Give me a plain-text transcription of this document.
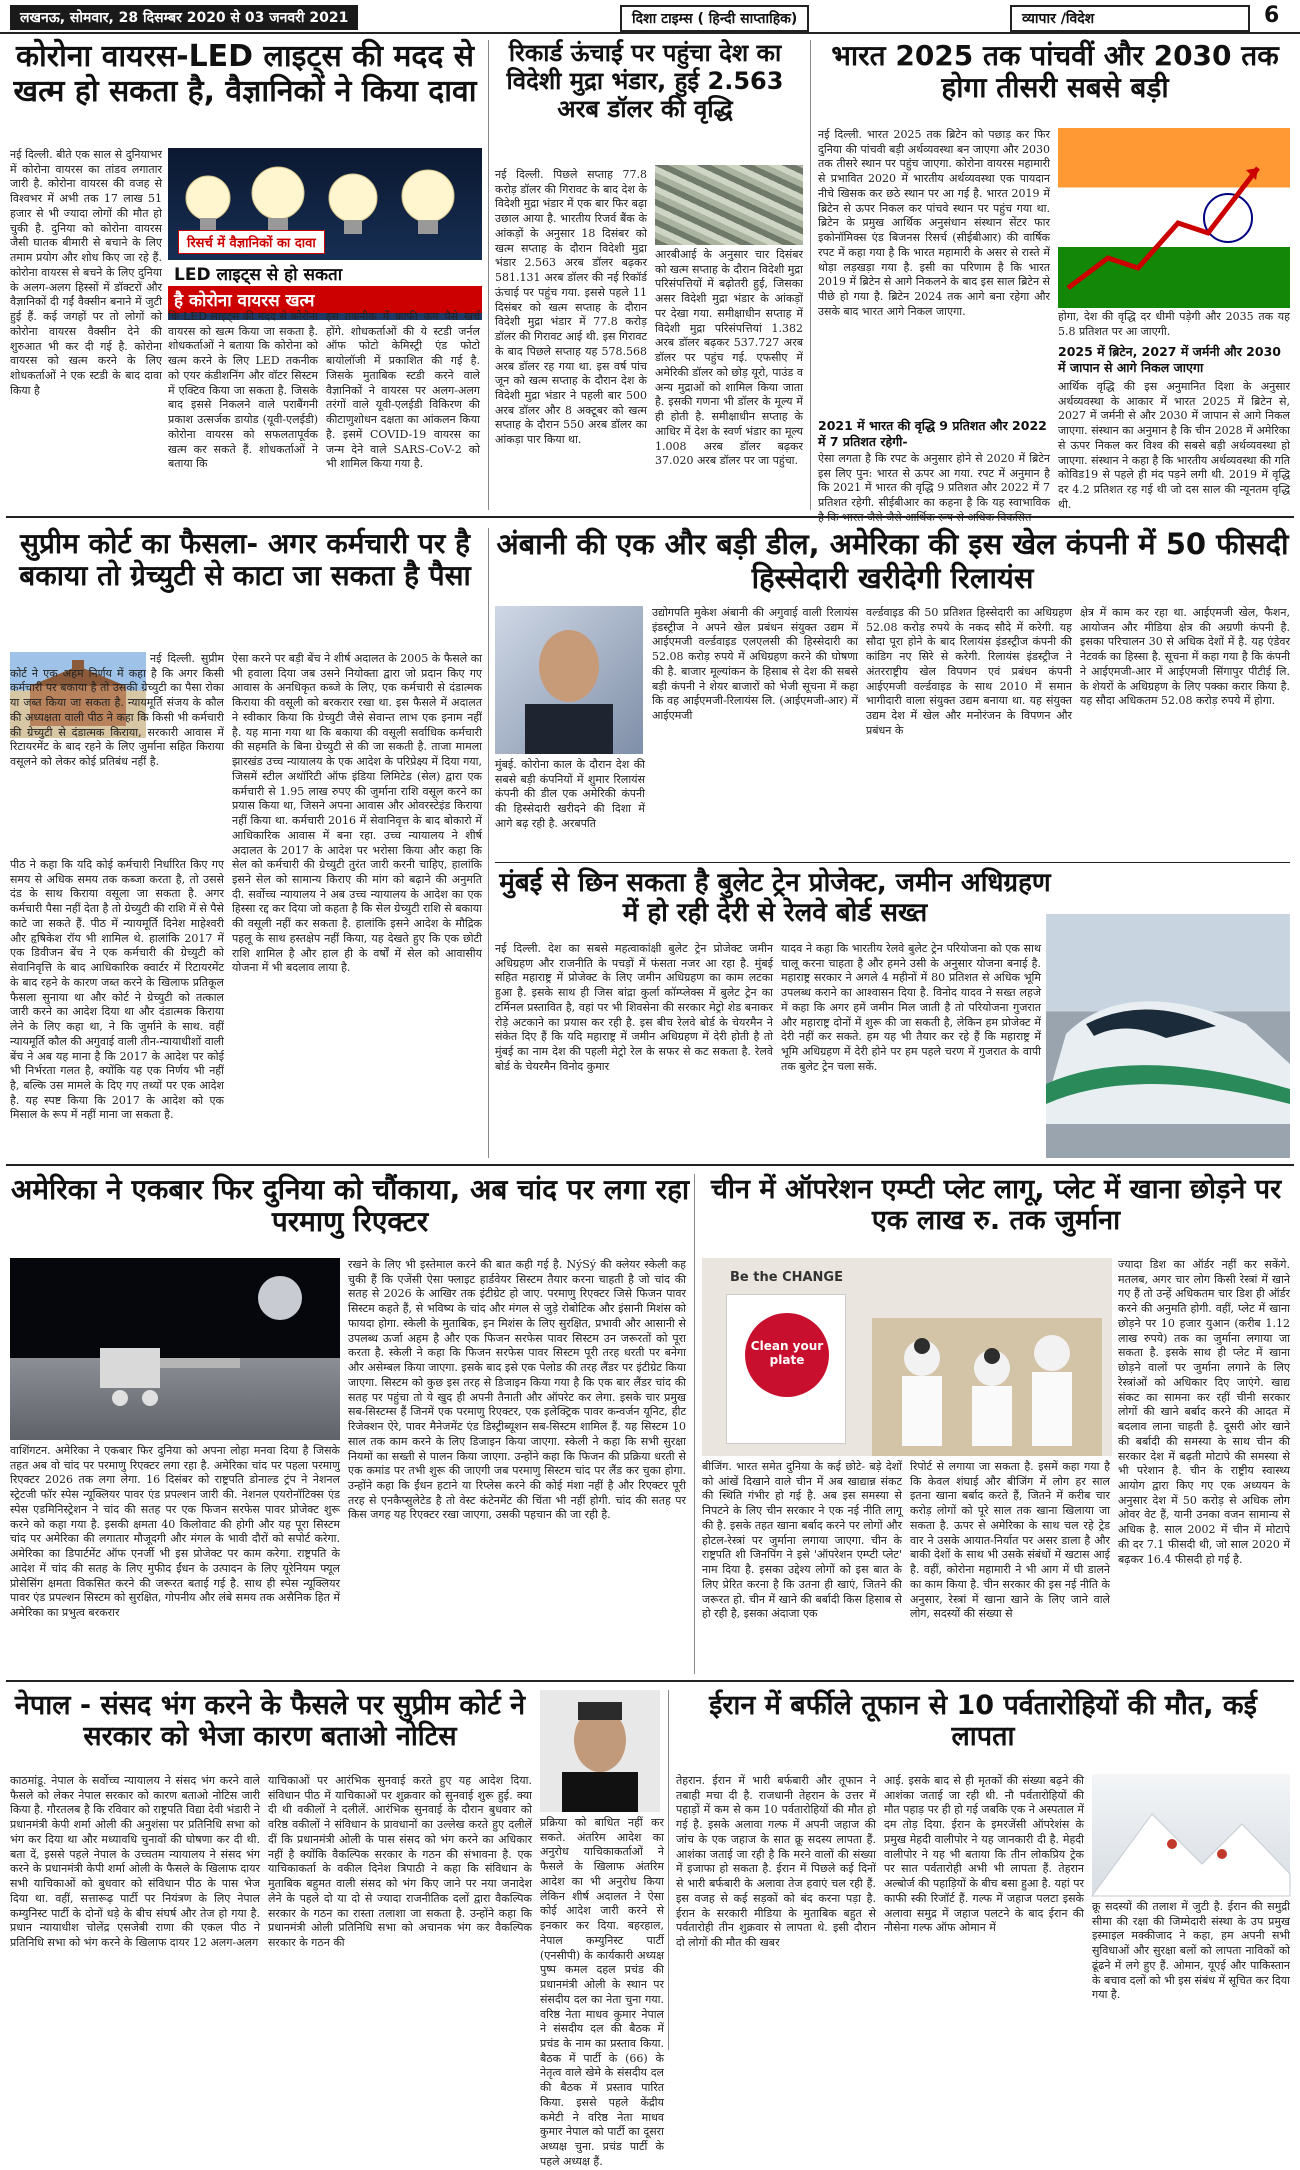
लखनऊ, सोमवार, 28 दिसम्बर 2020 से 03 जनवरी 2021	दिशा टाइम्स ( हिन्दी साप्ताहिक)	व्यापार /विदेश	6
कोरोना वायरस-LED लाइट्स की मदद से खत्म हो सकता है, वैज्ञानिकों ने किया दावा
रिसर्च में वैज्ञानिकों का दावा
LED लाइट्स से हो सकता
है कोरोना वायरस खत्म
नई दिल्ली. बीते एक साल से दुनियाभर में कोरोना वायरस का तांडव लगातार जारी है. कोरोना वायरस की वजह से विश्वभर में अभी तक 17 लाख 51 हजार से भी ज्यादा लोगों की मौत हो चुकी है. दुनिया को कोरोना वायरस जैसी घातक बीमारी से बचाने के लिए तमाम प्रयोग और शोध किए जा रहे हैं. कोरोना वायरस से बचने के लिए दुनिया के अलग-अलग हिस्सों में डॉक्टरों और वैज्ञानिकों दी गईं वैक्सीन बनाने में जुटी हुई हैं. कई जगहों पर तो लोगों को कोरोना वायरस वैक्सीन देने की शुरुआत भी कर दी गई है. कोरोना वायरस को खत्म करने के लिए शोधकर्ताओं ने एक स्टडी के बाद दावा किया है
कि LED लाइट्स की मदद से कोरोना वायरस को खत्म किया जा सकता है. शोधकर्ताओं ने बताया कि कोरोना को खत्म करने के लिए LED तकनीक को एयर कंडीशनिंग और वॉटर सिस्टम में एक्टिव किया जा सकता है. जिसके बाद इससे निकलने वाले पराबैंगनी प्रकाश उत्सर्जक डायोड (यूवी-एलईडी) कोरोना वायरस को सफलतापूर्वक खत्म कर सकते हैं. शोधकर्ताओं ने बताया कि
इस तकनीक में काफी कम पैसे खर्च होंगे. शोधकर्ताओं की ये स्टडी जर्नल ऑफ फोटो केमिस्ट्री एंड फोटो बायोलॉजी में प्रकाशित की गई है. जिसके मुताबिक स्टडी करने वाले वैज्ञानिकों ने वायरस पर अलग-अलग तरंगों वाले यूवी-एलईडी विकिरण की कीटाणुशोधन दक्षता का आंकलन किया है. इसमें COVID-19 वायरस का जन्म देने वाले SARS-CoV-2 को भी शामिल किया गया है.
रिकार्ड ऊंचाई पर पहुंचा देश का विदेशी मुद्रा भंडार, हुई 2.563 अरब डॉलर की वृद्धि
नई दिल्ली. पिछले सप्ताह 77.8 करोड़ डॉलर की गिरावट के बाद देश के विदेशी मुद्रा भंडार में एक बार फिर बढ़ा उछाल आया है. भारतीय रिजर्व बैंक के आंकड़ों के अनुसार 18 दिसंबर को खत्म सप्ताह के दौरान विदेशी मुद्रा भंडार 2.563 अरब डॉलर बढ़कर 581.131 अरब डॉलर की नई रिकॉर्ड ऊंचाई पर पहुंच गया. इससे पहले 11 दिसंबर को खत्म सप्ताह के दौरान विदेशी मुद्रा भंडार में 77.8 करोड़ डॉलर की गिरावट आई थी. इस गिरावट के बाद पिछले सप्ताह यह 578.568 अरब डॉलर रह गया था. इस वर्ष पांच जून को खत्म सप्ताह के दौरान देश के विदेशी मुद्रा भंडार ने पहली बार 500 अरब डॉलर और 8 अक्टूबर को खत्म सप्ताह के दौरान 550 अरब डॉलर का आंकड़ा पार किया था.
आरबीआई के अनुसार चार दिसंबर को खत्म सप्ताह के दौरान विदेशी मुद्रा परिसंपत्तियों में बढ़ोतरी हुई, जिसका असर विदेशी मुद्रा भंडार के आंकड़ों पर देखा गया. समीक्षाधीन सप्ताह में विदेशी मुद्रा परिसंपत्तियां 1.382 अरब डॉलर बढ़कर 537.727 अरब डॉलर पर पहुंच गई. एफसीए में अमेरिकी डॉलर को छोड़ यूरो, पाउंड व अन्य मुद्राओं को शामिल किया जाता है. इसकी गणना भी डॉलर के मूल्य में ही होती है. समीक्षाधीन सप्ताह के आधिर में देश के स्वर्ण भंडार का मूल्य 1.008 अरब डॉलर बढ़कर 37.020 अरब डॉलर पर जा पहुंचा.
भारत 2025 तक पांचवीं और 2030 तक होगा तीसरी सबसे बड़ी
नई दिल्ली. भारत 2025 तक ब्रिटेन को पछाड़ कर फिर दुनिया की पांचवी बड़ी अर्थव्यवस्था बन जाएगा और 2030 तक तीसरे स्थान पर पहुंच जाएगा. कोरोना वायरस महामारी से प्रभावित 2020 में भारतीय अर्थव्यवस्था एक पायदान नीचे खिसक कर छठे स्थान पर आ गई है. भारत 2019 में ब्रिटेन से ऊपर निकल कर पांचवे स्थान पर पहुंच गया था. ब्रिटेन के प्रमुख आर्थिक अनुसंधान संस्थान सेंटर फार इकोनॉमिक्स एंड बिजनस रिसर्च (सीईबीआर) की वार्षिक रपट में कहा गया है कि भारत महामारी के असर से रास्ते में थोड़ा लड़खड़ा गया है. इसी का परिणाम है कि भारत 2019 में ब्रिटेन से आगे निकलने के बाद इस साल ब्रिटेन से पीछे हो गया है. ब्रिटेन 2024 तक आगे बना रहेगा और उसके बाद भारत आगे निकल जाएगा.
2021 में भारत की वृद्धि 9 प्रतिशत और 2022 में 7 प्रतिशत रहेगी-
ऐसा लगता है कि रपट के अनुसार होने से 2020 में ब्रिटेन इस लिए पुन: भारत से ऊपर आ गया. रपट में अनुमान है कि 2021 में भारत की वृद्धि 9 प्रतिशत और 2022 में 7 प्रतिशत रहेगी. सीईबीआर का कहना है कि यह स्वाभाविक
होगा, देश की वृद्धि दर धीमी पड़ेगी और 2035 तक यह 5.8 प्रतिशत पर आ जाएगी.
2025 में ब्रिटेन, 2027 में जर्मनी और 2030 में जापान से आगे निकल जाएगा
आर्थिक वृद्धि की इस अनुमानित दिशा के अनुसार अर्थव्यवस्था के आकार में भारत 2025 में ब्रिटेन से, 2027 में जर्मनी से और 2030 में जापान से आगे निकल जाएगा. संस्थान का अनुमान है कि चीन 2028 में अमेरिका से ऊपर निकल कर विश्व की सबसे बड़ी अर्थव्यवस्था हो जाएगा. संस्थान ने कहा है कि भारतीय अर्थव्यवस्था की गति कोविड19 से पहले ही मंद पड़ने लगी थी. 2019 में वृद्धि दर 4.2 प्रतिशत रह गई थी जो दस साल की न्यूनतम वृद्धि थी.
सुप्रीम कोर्ट का फैसला- अगर कर्मचारी पर है बकाया तो ग्रेच्युटी से काटा जा सकता है पैसा
नई दिल्ली. सुप्रीम कोर्ट ने एक अहम निर्णय में कहा है कि अगर किसी कर्मचारी पर बकाया है तो उसकी ग्रेच्युटी का पैसा रोका या जब्त किया जा सकता है. न्यायमूर्ति संजय के कौल की अध्यक्षता वाली पीठ ने कहा कि किसी भी कर्मचारी की ग्रेच्युटी से दंडात्मक किराया, सरकारी आवास में रिटायरमेंट के बाद रहने के लिए जुर्माना सहित किराया वसूलने को लेकर कोई प्रतिबंध नहीं है.
पीठ ने कहा कि यदि कोई कर्मचारी निर्धारित किए गए समय से अधिक समय तक कब्जा करता है, तो उससे दंड के साथ किराया वसूला जा सकता है. अगर कर्मचारी पैसा नहीं देता है तो ग्रेच्युटी की राशि में से पैसे काटे जा सकते हैं. पीठ में न्यायमूर्ति दिनेश माहेश्वरी और हृषिकेश रॉय भी शामिल थे. हालांकि 2017 में एक डिवीजन बेंच ने एक कर्मचारी की ग्रेच्युटी को सेवानिवृत्ति के बाद आधिकारिक क्वार्टर में रिटायरमेंट के बाद रहने के कारण जब्त करने के खिलाफ प्रतिकूल फैसला सुनाया था और कोर्ट ने ग्रेच्युटी को तत्काल जारी करने का आदेश दिया था और दंडात्मक किराया लेने के लिए कहा था, ने कि जुर्माने के साथ. वहीं न्यायमूर्ति कौल की अगुवाई वाली तीन-न्यायाधीशों वाली बेंच ने अब यह माना है कि 2017 के आदेश पर कोई भी निर्भरता गलत है, क्योंकि यह एक निर्णय भी नहीं है, बल्कि उस मामले के दिए गए तथ्यों पर एक आदेश है. यह स्पष्ट किया कि 2017 के आदेश को एक मिसाल के रूप में नहीं माना जा सकता है.
ऐसा करने पर बड़ी बेंच ने शीर्ष अदालत के 2005 के फैसले का भी हवाला दिया जब उसने नियोक्ता द्वारा जो प्रदान किए गए आवास के अनधिकृत कब्जे के लिए, एक कर्मचारी से दंडात्मक किराया की वसूली को बरकरार रखा था. इस फैसले में अदालत ने स्वीकार किया कि ग्रेच्युटी जैसे सेवान्त लाभ एक इनाम नहीं है. यह माना गया था कि बकाया की वसूली सर्वाधिक कर्मचारी की सहमति के बिना ग्रेच्युटी से की जा सकती है. ताजा मामला झारखंड उच्च न्यायालय के एक आदेश के परिप्रेक्ष्य में दिया गया, जिसमें स्टील अथॉरिटी ऑफ इंडिया लिमिटेड (सेल) द्वारा एक कर्मचारी से 1.95 लाख रुपए की जुर्माना राशि वसूल करने का प्रयास किया था, जिसने अपना आवास और ओवरस्टेइंड किराया नहीं किया था. कर्मचारी 2016 में सेवानिवृत्त के बाद बोकारो में आधिकारिक आवास में बना रहा. उच्च न्यायालय ने शीर्ष अदालत के 2017 के आदेश पर भरोसा किया और कहा कि सेल को कर्मचारी की ग्रेच्युटी तुरंत जारी करनी चाहिए, हालांकि इसने सेल को सामान्य किराए की मांग को बढ़ाने की अनुमति दी. सर्वोच्च न्यायालय ने अब उच्च न्यायालय के आदेश का एक हिस्सा रद्द कर दिया जो कहता है कि सेल ग्रेच्युटी राशि से बकाया की वसूली नहीं कर सकता है. हालांकि इसने आदेश के मौद्रिक पहलू के साथ हस्तक्षेप नहीं किया, यह देखते हुए कि एक छोटी राशि शामिल है और हाल ही के वर्षों में सेल को आवासीय योजना में भी बदलाव लाया है.
अंबानी की एक और बड़ी डील, अमेरिका की इस खेल कंपनी में 50 फीसदी हिस्सेदारी खरीदेगी रिलायंस
मुंबई. कोरोना काल के दौरान देश की सबसे बड़ी कंपनियों में शुमार रिलायंस कंपनी की डील एक अमेरिकी कंपनी की हिस्सेदारी खरीदने की दिशा में आगे बढ़ रही है. अरबपति
उद्योगपति मुकेश अंबानी की अगुवाई वाली रिलायंस इंडस्ट्रीज ने अपने खेल प्रबंधन संयुक्त उद्यम में आईएमजी वर्ल्डवाइड एलएलसी की हिस्सेदारी का 52.08 करोड़ रुपये में अधिग्रहण करने की घोषणा की है. बाजार मूल्यांकन के हिसाब से देश की सबसे बड़ी कंपनी ने शेयर बाजारों को भेजी सूचना में कहा कि वह आईएमजी-रिलायंस लि. (आईएमजी-आर) में आईएमजी
वर्ल्डवाइड की 50 प्रतिशत हिस्सेदारी का अधिग्रहण 52.08 करोड़ रुपये के नकद सौदे में करेगी. यह सौदा पूरा होने के बाद रिलायंस इंडस्ट्रीज कंपनी की कांडिग नए सिरे से करेगी. रिलायंस इंडस्ट्रीज ने अंतरराष्ट्रीय खेल विपणन एवं प्रबंधन कंपनी आईएमजी वर्ल्डवाइड के साथ 2010 में समान भागीदारी वाला संयुक्त उद्यम बनाया था. यह संयुक्त उद्यम देश में खेल और मनोरंजन के विपणन और प्रबंधन के
क्षेत्र में काम कर रहा था. आईएमजी खेल, फैशन, आयोजन और मीडिया क्षेत्र की अग्रणी कंपनी है. इसका परिचालन 30 से अधिक देशों में है. यह एंडेवर नेटवर्क का हिस्सा है. सूचना में कहा गया है कि कंपनी ने आईएमजी-आर में आईएमजी सिंगापुर पीटीई लि. के शेयरों के अधिग्रहण के लिए पक्का करार किया है. यह सौदा अधिकतम 52.08 करोड़ रुपये में होगा.
मुंबई से छिन सकता है बुलेट ट्रेन प्रोजेक्ट, जमीन अधिग्रहण में हो रही देरी से रेलवे बोर्ड सख्त
नई दिल्ली. देश का सबसे महत्वाकांक्षी बुलेट ट्रेन प्रोजेक्ट जमीन अधिग्रहण और राजनीति के पचड़ों में फंसता नजर आ रहा है. मुंबई सहित महाराष्ट्र में प्रोजेक्ट के लिए जमीन अधिग्रहण का काम लटका हुआ है. इसके साथ ही जिस बांद्रा कुर्ला कॉम्प्लेक्स में बुलेट ट्रेन का टर्मिनल प्रस्तावित है, वहां पर भी शिवसेना की सरकार मेट्रो शेड बनाकर रोड़े अटकाने का प्रयास कर रही है. इस बीच रेलवे बोर्ड के चेयरमैन ने संकेत दिए हैं कि यदि महाराष्ट्र में जमीन अधिग्रहण में देरी होती है तो मुंबई का नाम देश की पहली मेट्रो रेल के सफर से कट सकता है. रेलवे बोर्ड के चेयरमैन विनोद कुमार
यादव ने कहा कि भारतीय रेलवे बुलेट ट्रेन परियोजना को एक साथ चालू करना चाहता है और हमने उसी के अनुसार योजना बनाई है. महाराष्ट्र सरकार ने अगले 4 महीनों में 80 प्रतिशत से अधिक भूमि उपलब्ध कराने का आश्वासन दिया है. विनोद यादव ने सख्त लहजे में कहा कि अगर हमें जमीन मिल जाती है तो परियोजना गुजरात और महाराष्ट्र दोनों में शुरू की जा सकती है, लेकिन हम प्रोजेक्ट में देरी नहीं कर सकते. हम यह भी तैयार कर रहे हैं कि महाराष्ट्र में भूमि अधिग्रहण में देरी होने पर हम पहले चरण में गुजरात के वापी तक बुलेट ट्रेन चला सकें.
अमेरिका ने एकबार फिर दुनिया को चौंकाया, अब चांद पर लगा रहा परमाणु रिएक्टर
वाशिंगटन. अमेरिका ने एकबार फिर दुनिया को अपना लोहा मनवा दिया है जिसके तहत अब वो चांद पर परमाणु रिएक्टर लगा रहा है. अमेरिका चांद पर पहला परमाणु रिएक्टर 2026 तक लगा लेगा. 16 दिसंबर को राष्ट्रपति डोनाल्ड ट्रंप ने नेशनल स्ट्रेटजी फॉर स्पेस न्यूक्लियर पावर एंड प्रपल्शन जारी की. नेशनल एयरोनॉटिक्स एंड स्पेस एडमिनिस्ट्रेशन ने चांद की सतह पर एक फिजन सरफेस पावर प्रोजेक्ट शुरू करने को कहा गया है. इसकी क्षमता 40 किलोवाट की होगी और यह पूरा सिस्टम चांद पर अमेरिका की लगातार मौजूदगी और मंगल के भावी दौरों को सपोर्ट करेगा. अमेरिका का डिपार्टमेंट ऑफ एनर्जी भी इस प्रोजेक्ट पर काम करेगा. राष्ट्रपति के आदेश में चांद की सतह के लिए मुफीद ईंधन के उत्पादन के लिए यूरेनियम फ्यूल प्रोसेसिंग क्षमता विकसित करने की जरूरत बताई गई है. साथ ही स्पेस न्यूक्लियर पावर एंड प्रपल्शन सिस्टम को सुरक्षित, गोपनीय और लंबे समय तक असैनिक हित में अमेरिका का प्रभुत्व बरकरार
रखने के लिए भी इस्तेमाल करने की बात कही गई है. NýSý की क्लेयर स्केली कह चुकी हैं कि एजेंसी ऐसा फ्लाइट हार्डवेयर सिस्टम तैयार करना चाहती है जो चांद की सतह से 2026 के आखिर तक इंटीग्रेट हो जाए. परमाणु रिएक्टर जिसे फिजन पावर सिस्टम कहते हैं, से भविष्य के चांद और मंगल से जुड़े रोबोटिक और इंसानी मिशंस को फायदा होगा. स्केली के मुताबिक, इन मिशंस के लिए सुरक्षित, प्रभावी और आसानी से उपलब्ध ऊर्जा अहम है और एक फिजन सरफेस पावर सिस्टम उन जरूरतों को पूरा करता है. स्केली ने कहा कि फिजन सरफेस पावर सिस्टम पूरी तरह धरती पर बनेगा और असेम्बल किया जाएगा. इसके बाद इसे एक पेलोड की तरह लैंडर पर इंटीग्रेट किया जाएगा. सिस्टम को कुछ इस तरह से डिजाइन किया गया है कि एक बार लैंडर चांद की सतह पर पहुंचा तो ये खुद ही अपनी तैनाती और ऑपरेट कर लेगा. इसके चार प्रमुख सब-सिस्टम्स हैं जिनमें एक परमाणु रिएक्टर, एक इलेक्ट्रिक पावर कन्वर्जन यूनिट, हीट रिजेक्शन ऐरे, पावर मैनेजमेंट एंड डिस्ट्रीब्यूशन सब-सिस्टम शामिल हैं. यह सिस्टम 10 साल तक काम करने के लिए डिजाइन किया जाएगा. स्केली ने कहा कि सभी सुरक्षा नियमों का सख्ती से पालन किया जाएगा. उन्होंने कहा कि फिजन की प्रक्रिया धरती से एक कमांड पर तभी शुरू की जाएगी जब परमाणु सिस्टम चांद पर लैंड कर चुका होगा. उन्होंने कहा कि ईंधन हटाने या रिप्लेस करने की कोई मंशा नहीं है और रिएक्टर पूरी तरह से एनकैप्सुलेटेड है तो वेस्ट कंटेनमेंट की चिंता भी नहीं होगी. चांद की सतह पर किस जगह यह रिएक्टर रखा जाएगा, उसकी पहचान की जा रही है.
चीन में ऑपरेशन एम्प्टी प्लेट लागू, प्लेट में खाना छोड़ने पर एक लाख रु. तक जुर्माना
Be the CHANGE
Clean your plate
बीजिंग. भारत समेत दुनिया के कई छोटे- बड़े देशों को आंखें दिखाने वाले चीन में अब खाद्यान्न संकट की स्थिति गंभीर हो गई है. अब इस समस्या से निपटने के लिए चीन सरकार ने एक नई नीति लागू की है. इसके तहत खाना बर्बाद करने पर लोगों और होटल-रेस्त्रां पर जुर्माना लगाया जाएगा. चीन के राष्ट्रपति शी जिनपिंग ने इसे 'ऑपरेशन एम्प्टी प्लेट' नाम दिया है. इसका उद्देश्य लोगों को इस बात के लिए प्रेरित करना है कि उतना ही खाएं, जितने की जरूरत हो. चीन में खाने की बर्बादी किस हिसाब से हो रही है, इसका अंदाजा एक
रिपोर्ट से लगाया जा सकता है. इसमें कहा गया है कि केवल शंघाई और बीजिंग में लोग हर साल इतना खाना बर्बाद करते हैं, जितने में करीब चार करोड़ लोगों को पूरे साल तक खाना खिलाया जा सकता है. ऊपर से अमेरिका के साथ चल रहे ट्रेड वार ने उसके आयात-निर्यात पर असर डाला है और बाकी देशों के साथ भी उसके संबंधों में खटास आई है. वहीं, कोरोना महामारी ने भी आग में घी डालने का काम किया है. चीन सरकार की इस नई नीति के अनुसार, रेस्त्रां में खाना खाने के लिए जाने वाले लोग, सदस्यों की संख्या से
ज्यादा डिश का ऑर्डर नहीं कर सकेंगे. मतलब, अगर चार लोग किसी रेस्त्रां में खाने गए हैं तो उन्हें अधिकतम चार डिश ही ऑर्डर करने की अनुमति होगी. वहीं, प्लेट में खाना छोड़ने पर 10 हजार युआन (करीब 1.12 लाख रुपये) तक का जुर्माना लगाया जा सकता है. इसके साथ ही प्लेट में खाना छोड़ने वालों पर जुर्माना लगाने के लिए रेस्त्रांओं को अधिकार दिए जाएंगे. खाद्य संकट का सामना कर रहीं चीनी सरकार लोगों की खाने बर्बाद करने की आदत में बदलाव लाना चाहती है. दूसरी ओर खाने की बर्बादी की समस्या के साथ चीन की सरकार देश में बढ़ती मोटापे की समस्या से भी परेशान है. चीन के राष्ट्रीय स्वास्थ्य आयोग द्वारा किए गए एक अध्ययन के अनुसार देश में 50 करोड़ से अधिक लोग ओवर वेट हैं, यानी उनका वजन सामान्य से अधिक है. साल 2002 में चीन में मोटापे की दर 7.1 फीसदी थी, जो साल 2020 में बढ़कर 16.4 फीसदी हो गई है.
नेपाल - संसद भंग करने के फैसले पर सुप्रीम कोर्ट ने सरकार को भेजा कारण बताओ नोटिस
काठमांडू. नेपाल के सर्वोच्च न्यायालय ने संसद भंग करने वाले फैसले को लेकर नेपाल सरकार को कारण बताओ नोटिस जारी किया है. गौरतलब है कि रविवार को राष्ट्रपति विद्या देवी भंडारी ने प्रधानमंत्री केपी शर्मा ओली की अनुशंसा पर प्रतिनिधि सभा को भंग कर दिया था और मध्यावधि चुनावों की घोषणा कर दी थी. बता दें, इससे पहले नेपाल के उच्चतम न्यायालय ने संसद भंग करने के प्रधानमंत्री केपी शर्मा ओली के फैसले के खिलाफ दायर सभी याचिकाओं को बुधवार को संविधान पीठ के पास भेज दिया था. वहीं, सत्तारूढ़ पार्टी पर नियंत्रण के लिए नेपाल कम्युनिस्ट पार्टी के दोनों धड़े के बीच संघर्ष और तेज हो गया है. प्रधान न्यायाधीश चोलेंद्र एसजेबी राणा की एकल पीठ ने प्रतिनिधि सभा को भंग करने के खिलाफ दायर 12 अलग-अलग
याचिकाओं पर आरंभिक सुनवाई करते हुए यह आदेश दिया. संविधान पीठ में याचिकाओं पर शुक्रवार को सुनवाई शुरू हुई. क्या दी थी वकीलों ने दलीलें. आरंभिक सुनवाई के दौरान बुधवार को वरिष्ठ वकीलों ने संविधान के प्रावधानों का उल्लेख करते हुए दलीलें दीं कि प्रधानमंत्री ओली के पास संसद को भंग करने का अधिकार नहीं है क्योंकि वैकल्पिक सरकार के गठन की संभावना है. एक याचिकाकर्ता के वकील दिनेश त्रिपाठी ने कहा कि संविधान के मुताबिक बहुमत वाली संसद को भंग किए जाने पर नया जनादेश लेने के पहले दो या दो से ज्यादा राजनीतिक दलों द्वारा वैकल्पिक सरकार के गठन का रास्ता तलाशा जा सकता है. उन्होंने कहा कि प्रधानमंत्री ओली प्रतिनिधि सभा को अचानक भंग कर वैकल्पिक सरकार के गठन की
प्रक्रिया को बाधित नहीं कर सकते. अंतरिम आदेश का अनुरोध याचिकाकर्ताओं ने फैसले के खिलाफ अंतरिम आदेश का भी अनुरोध किया लेकिन शीर्ष अदालत ने ऐसा कोई आदेश जारी करने से इनकार कर दिया. बहरहाल, नेपाल कम्युनिस्ट पार्टी (एनसीपी) के कार्यकारी अध्यक्ष पुष्प कमल दहल प्रचंड की प्रधानमंत्री ओली के स्थान पर संसदीय दल का नेता चुना गया. वरिष्ठ नेता माधव कुमार नेपाल ने संसदीय दल की बैठक में प्रचंड के नाम का प्रस्ताव किया. बैठक में पार्टी के (66) के नेतृत्व वाले खेमे के संसदीय दल की बैठक में प्रस्ताव पारित किया. इससे पहले केंद्रीय कमेटी ने वरिष्ठ नेता माधव कुमार नेपाल को पार्टी का दूसरा अध्यक्ष चुना. प्रचंड पार्टी के पहले अध्यक्ष हैं.
ईरान में बर्फीले तूफान से 10 पर्वतारोहियों की मौत, कई लापता
तेहरान. ईरान में भारी बर्फबारी और तूफान ने तबाही मचा दी है. राजधानी तेहरान के उत्तर में पहाड़ों में कम से कम 10 पर्वतारोहियों की मौत हो गई है. इसके अलावा गल्फ में अपनी जहाज की जांच के एक जहाज के सात क्रू सदस्य लापता हैं. आशंका जताई जा रही है कि मरने वालों की संख्या में इजाफा हो सकता है. ईरान में पिछले कई दिनों से भारी बर्फबारी के अलावा तेज हवाएं चल रही हैं. इस वजह से कई सड़कों को बंद करना पड़ा है. ईरान के सरकारी मीडिया के मुताबिक बहुत से पर्वतारोही तीन शुक्रवार से लापता थे. इसी दौरान दो लोगों की मौत की खबर
आई. इसके बाद से ही मृतकों की संख्या बढ़ने की आशंका जताई जा रही थी. नौ पर्वतारोहियों की मौत पहाड़ पर ही हो गई जबकि एक ने अस्पताल में दम तोड़ दिया. ईरान के इमरजेंसी ऑपरेशंस के प्रमुख मेहदी वालीपोर ने यह जानकारी दी है. मेहदी वालीपोर ने यह भी बताया कि तीन लोकप्रिय ट्रेक पर सात पर्वतारोही अभी भी लापता हैं. तेहरान अल्बोर्ज की पहाड़ियों के बीच बसा हुआ है. यहां पर काफी स्की रिजॉर्ट हैं. गल्फ में जहाज पलटा इसके अलावा समुद्र में जहाज पलटने के बाद ईरान की नौसेना गल्फ ऑफ ओमान में
क्रू सदस्यों की तलाश में जुटी है. ईरान की समुद्री सीमा की रक्षा की जिम्मेदारी संस्था के उप प्रमुख इस्माइल मक्कीजाद ने कहा, हम अपनी सभी सुविधाओं और सुरक्षा बलों को लापता नाविकों को ढूंढने में लगे हुए हैं. ओमान, यूएई और पाकिस्तान के बचाव दलों को भी इस संबंध में सूचित कर दिया गया है.
